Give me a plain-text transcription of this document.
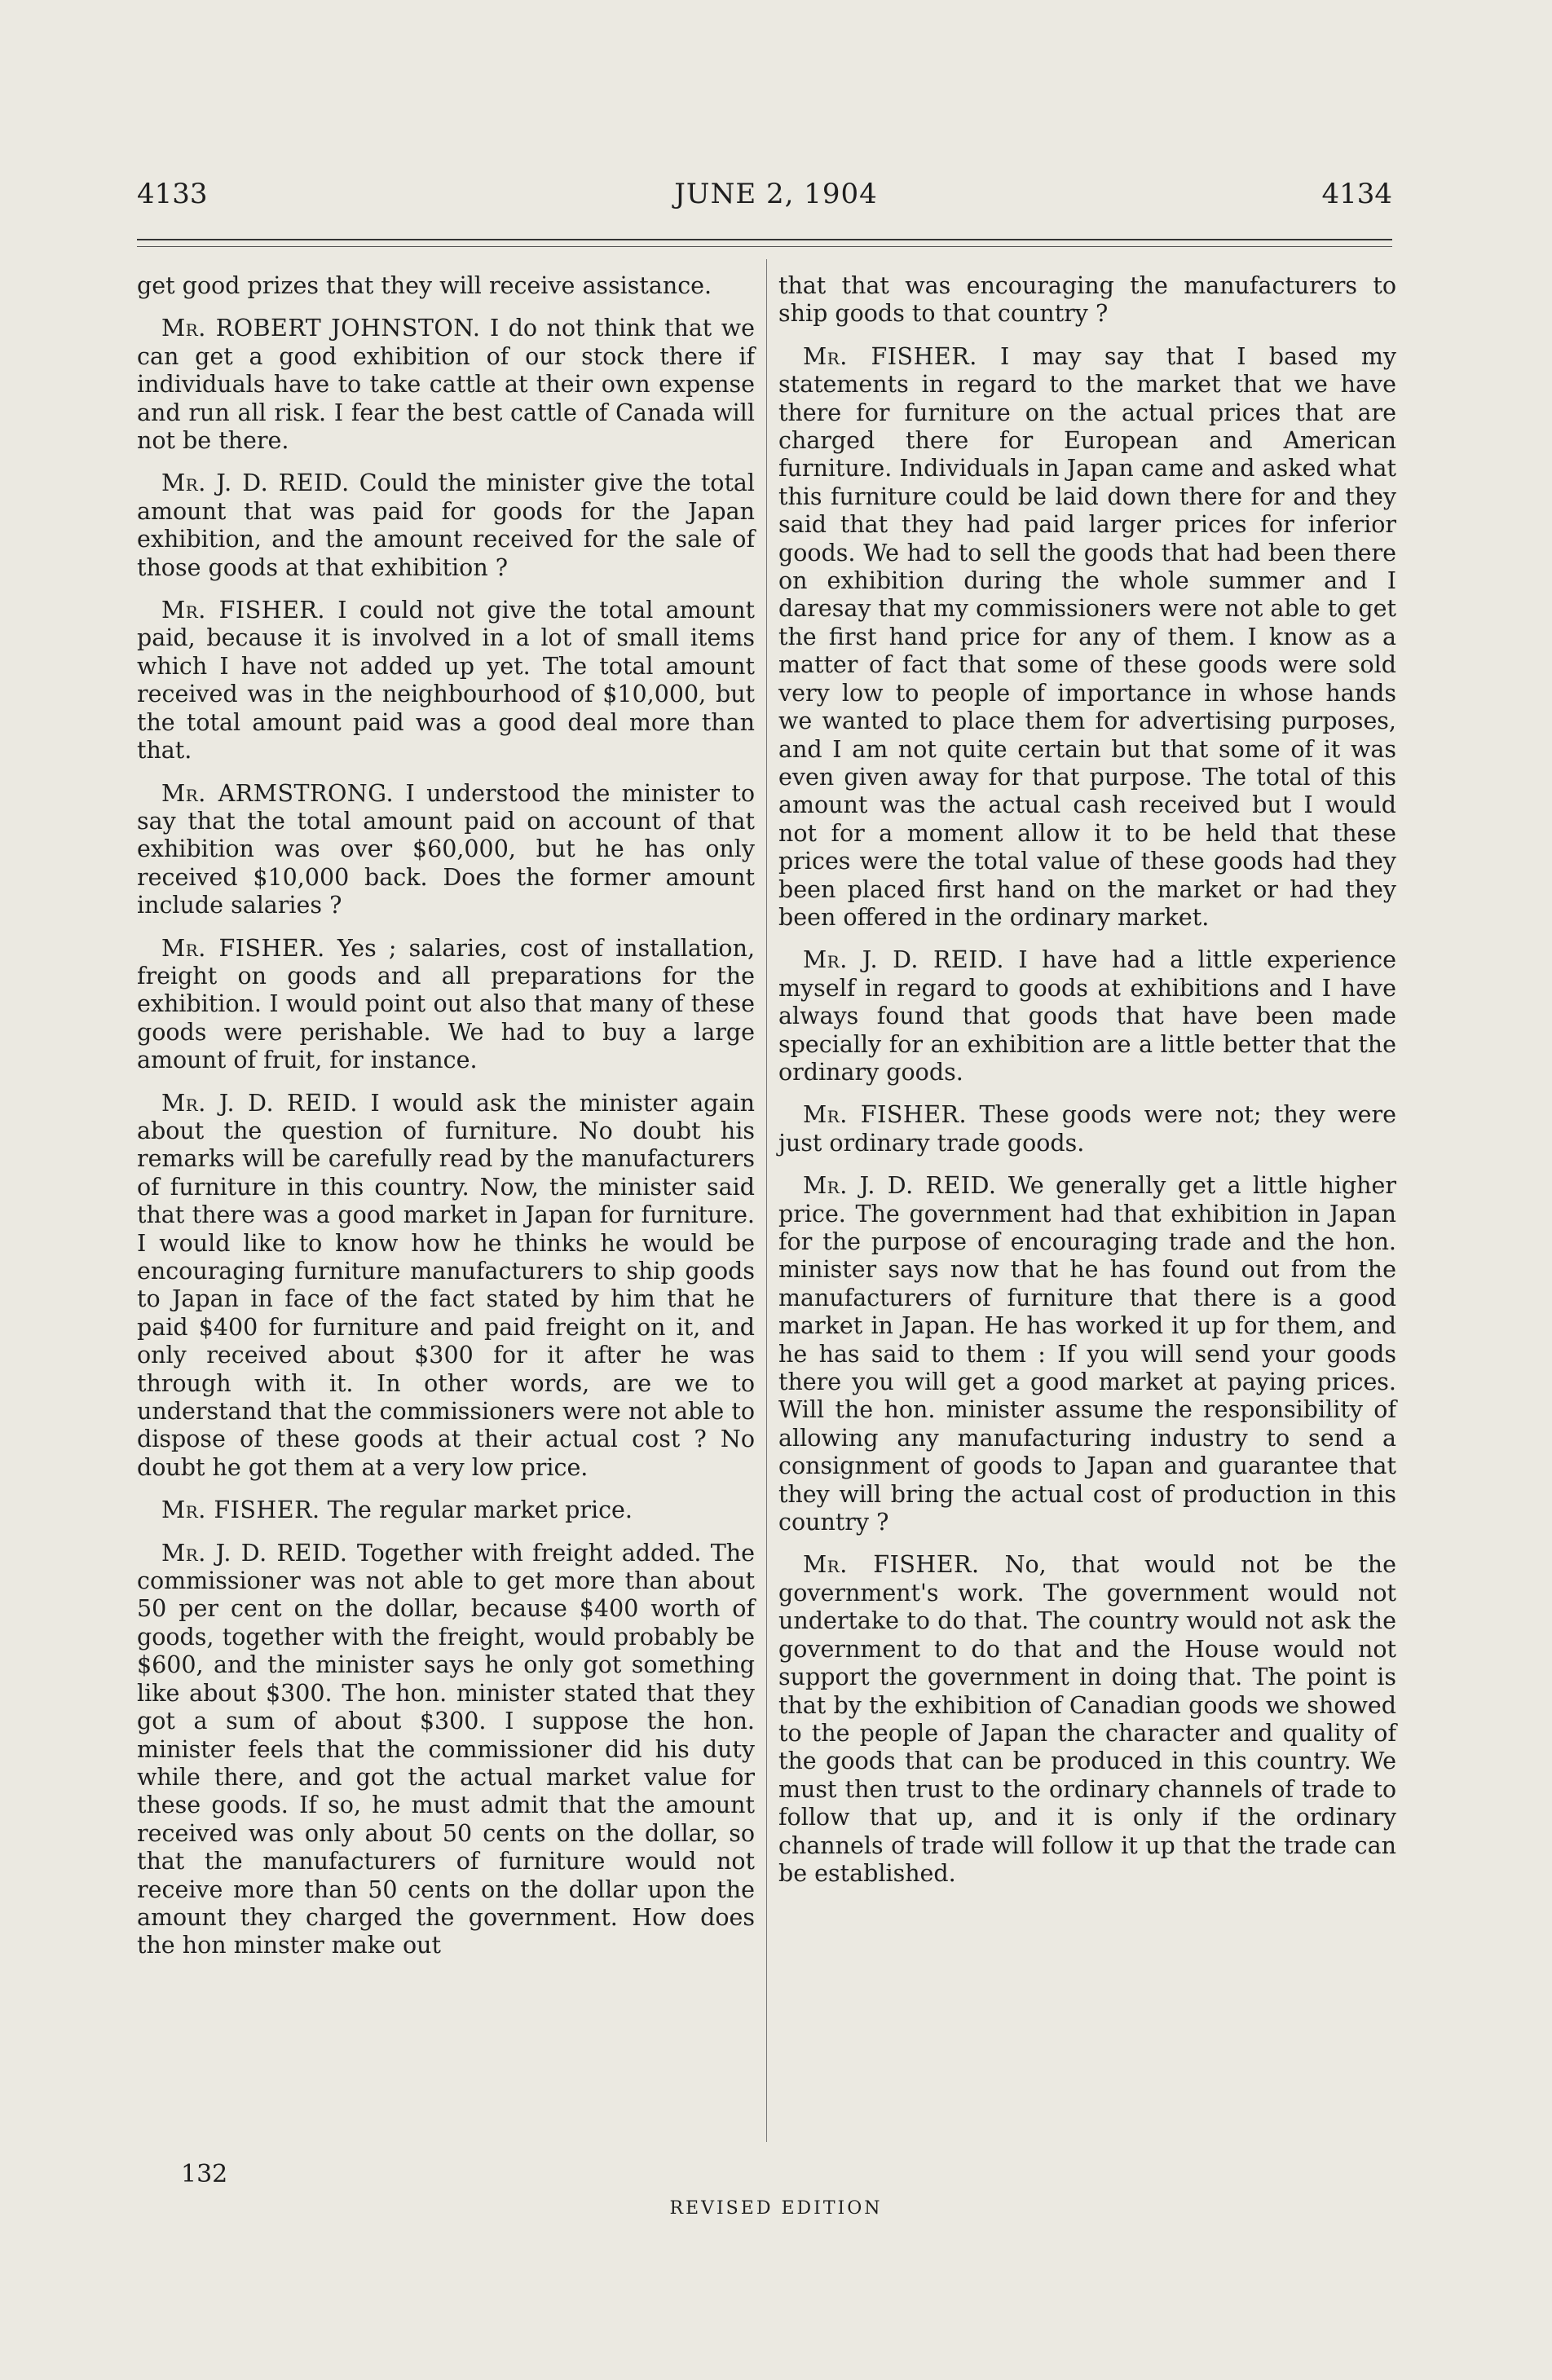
4133	JUNE 2, 1904	4134

get good prizes that they will receive assistance.

Mr. ROBERT JOHNSTON. I do not think that we can get a good exhibition of our stock there if individuals have to take cattle at their own expense and run all risk. I fear the best cattle of Canada will not be there.

Mr. J. D. REID. Could the minister give the total amount that was paid for goods for the Japan exhibition, and the amount received for the sale of those goods at that exhibition ?

Mr. FISHER. I could not give the total amount paid, because it is involved in a lot of small items which I have not added up yet. The total amount received was in the neighbourhood of $10,000, but the total amount paid was a good deal more than that.

Mr. ARMSTRONG. I understood the minister to say that the total amount paid on account of that exhibition was over $60,000, but he has only received $10,000 back. Does the former amount include salaries ?

Mr. FISHER. Yes ; salaries, cost of installation, freight on goods and all preparations for the exhibition. I would point out also that many of these goods were perishable. We had to buy a large amount of fruit, for instance.

Mr. J. D. REID. I would ask the minister again about the question of furniture. No doubt his remarks will be carefully read by the manufacturers of furniture in this country. Now, the minister said that there was a good market in Japan for furniture. I would like to know how he thinks he would be encouraging furniture manufacturers to ship goods to Japan in face of the fact stated by him that he paid $400 for furniture and paid freight on it, and only received about $300 for it after he was through with it. In other words, are we to understand that the commissioners were not able to dispose of these goods at their actual cost ? No doubt he got them at a very low price.

Mr. FISHER. The regular market price.

Mr. J. D. REID. Together with freight added. The commissioner was not able to get more than about 50 per cent on the dollar, because $400 worth of goods, together with the freight, would probably be $600, and the minister says he only got something like about $300. The hon. minister stated that they got a sum of about $300. I suppose the hon. minister feels that the commissioner did his duty while there, and got the actual market value for these goods. If so, he must admit that the amount received was only about 50 cents on the dollar, so that the manufacturers of furniture would not receive more than 50 cents on the dollar upon the amount they charged the government. How does the hon minster make out

that that was encouraging the manufacturers to ship goods to that country ?

Mr. FISHER. I may say that I based my statements in regard to the market that we have there for furniture on the actual prices that are charged there for European and American furniture. Individuals in Japan came and asked what this furniture could be laid down there for and they said that they had paid larger prices for inferior goods. We had to sell the goods that had been there on exhibition during the whole summer and I daresay that my commissioners were not able to get the first hand price for any of them. I know as a matter of fact that some of these goods were sold very low to people of importance in whose hands we wanted to place them for advertising purposes, and I am not quite certain but that some of it was even given away for that purpose. The total of this amount was the actual cash received but I would not for a moment allow it to be held that these prices were the total value of these goods had they been placed first hand on the market or had they been offered in the ordinary market.

Mr. J. D. REID. I have had a little experience myself in regard to goods at exhibitions and I have always found that goods that have been made specially for an exhibition are a little better that the ordinary goods.

Mr. FISHER. These goods were not; they were just ordinary trade goods.

Mr. J. D. REID. We generally get a little higher price. The government had that exhibition in Japan for the purpose of encouraging trade and the hon. minister says now that he has found out from the manufacturers of furniture that there is a good market in Japan. He has worked it up for them, and he has said to them : If you will send your goods there you will get a good market at paying prices. Will the hon. minister assume the responsibility of allowing any manufacturing industry to send a consignment of goods to Japan and guarantee that they will bring the actual cost of production in this country ?

Mr. FISHER. No, that would not be the government's work. The government would not undertake to do that. The country would not ask the government to do that and the House would not support the government in doing that. The point is that by the exhibition of Canadian goods we showed to the people of Japan the character and quality of the goods that can be produced in this country. We must then trust to the ordinary channels of trade to follow that up, and it is only if the ordinary channels of trade will follow it up that the trade can be established.

132
REVISED EDITION
